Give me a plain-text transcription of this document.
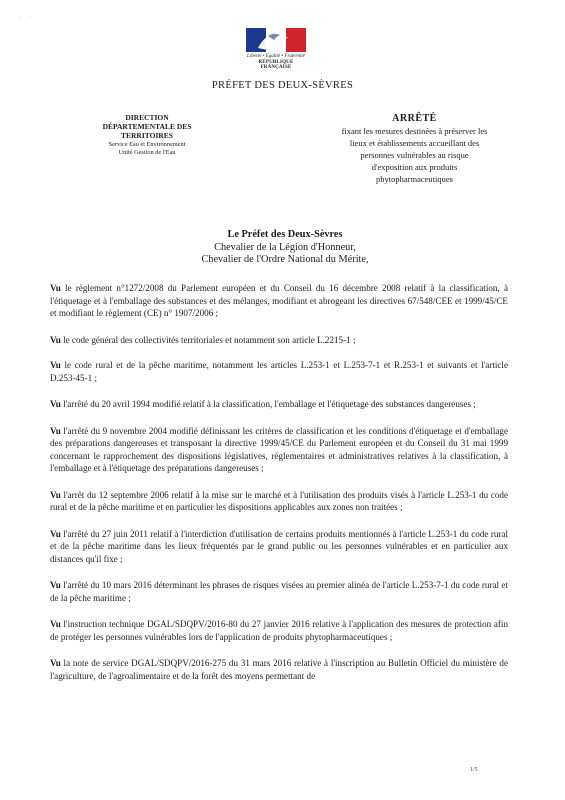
· ·
Liberté • Égalité • Fraternité
RÉPUBLIQUE FRANÇAISE
PRÉFET DES DEUX-SÈVRES
DIRECTION
DÉPARTEMENTALE DES
TERRITOIRES
Service Eau et Environnement
Unité Gestion de l'Eau
ARRÊTÉ
fixant les mesures destinées à préserver les
lieux et établissements accueillant des
personnes vulnérables au risque
d'exposition aux produits
phytopharmaceutiques
Le Préfet des Deux-Sèvres
Chevalier de la Légion d'Honneur,
Chevalier de l'Ordre National du Mérite,

Vu le règlement n°1272/2008 du Parlement européen et du Conseil du 16 décembre 2008 relatif à la classification, à l'étiquetage et à l'emballage des substances et des mélanges, modifiant et abrogeant les directives 67/548/CEE et 1999/45/CE et modifiant le règlement (CE) n° 1907/2006 ;

Vu le code général des collectivités territoriales et notamment son article L.2215-1 ;

Vu le code rural et de la pêche maritime, notamment les articles L.253-1 et L.253-7-1 et R.253-1 et suivants et l'article D.253-45-1 ;

Vu l'arrêté du 20 avril 1994 modifié relatif à la classification, l'emballage et l'étiquetage des substances dangereuses ;

Vu l'arrêté du 9 novembre 2004 modifié définissant les critères de classification et les conditions d'étiquetage et d'emballage des préparations dangereuses et transposant la directive 1999/45/CE du Parlement européen et du Conseil du 31 mai 1999 concernant le rapprochement des dispositions législatives, réglementaires et administratives relatives à la classification, à l'emballage et à l'étiquetage des préparations dangereuses ;

Vu l'arrêt du 12 septembre 2006 relatif à la mise sur le marché et à l'utilisation des produits visés à l'article L.253-1 du code rural et de la pêche maritime et en particulier les dispositions applicables aux zones non traitées ;

Vu l'arrêté du 27 juin 2011 relatif à l'interdiction d'utilisation de certains produits mentionnés à l'article L.253-1 du code rural et de la pêche maritime dans les lieux fréquentés par le grand public ou les personnes vulnérables et en particulier aux distances qu'il fixe ;

Vu l'arrêté du 10 mars 2016 déterminant les phrases de risques visées au premier alinéa de l'article L.253-7-1 du code rural et de la pêche maritime ;

Vu l'instruction technique DGAL/SDQPV/2016-80 du 27 janvier 2016 relative à l'application des mesures de protection afin de protéger les personnes vulnérables lors de l'application de produits phytopharmaceutiques ;

Vu la note de service DGAL/SDQPV/2016-275 du 31 mars 2016 relative à l'inscription au Bulletin Officiel du ministère de l'agriculture, de l'agroalimentaire et de la forêt des moyens permettant de

1/5
